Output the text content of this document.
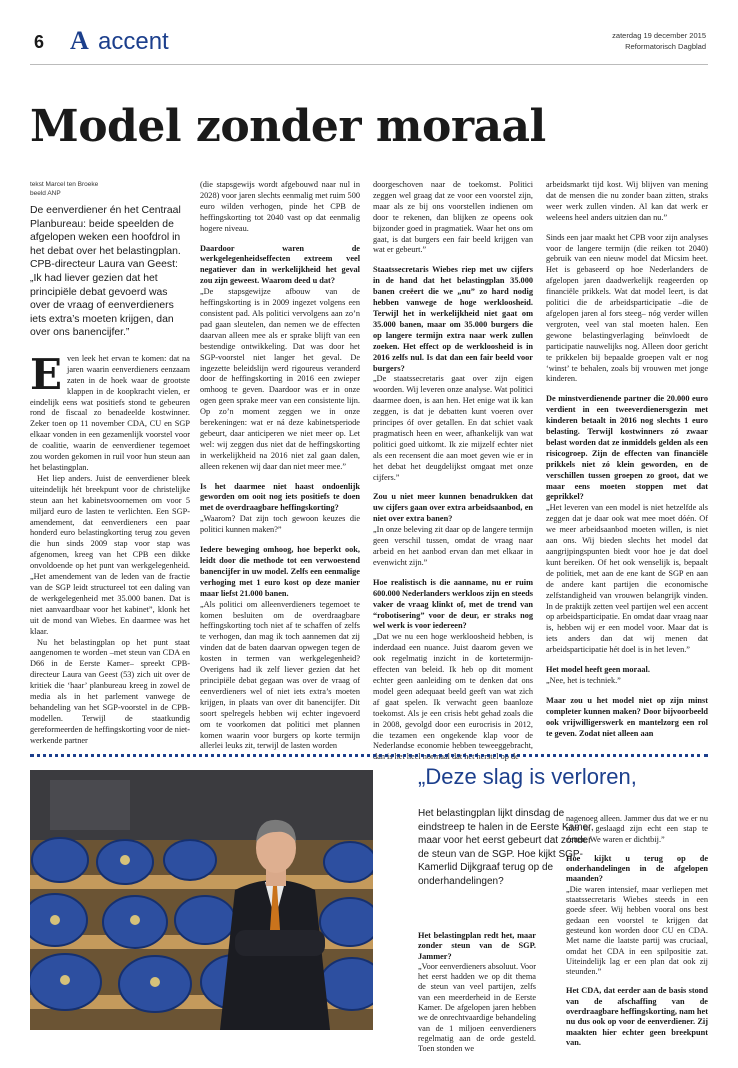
6 A accent	zaterdag 19 december 2015
Reformatorisch Dagblad
Model zonder moraal
tekst Marcel ten Broeke
beeld ANP
De eenverdiener én het Centraal Planbureau: beide speelden de afgelopen weken een hoofdrol in het debat over het belastingplan. CPB-directeur Laura van Geest: „Ik had liever gezien dat het principiële debat gevoerd was over de vraag of eenverdieners iets extra’s moeten krijgen, dan over ons banencijfer.”
E ven leek het ervan te komen: dat na jaren waarin eenverdieners eenzaam zaten in de hoek waar de grootste klappen in de koopkracht vielen, er eindelijk eens wat positiefs stond te gebeuren rond de fiscaal zo benadeelde kostwinner. Zeker toen op 11 november CDA, CU en SGP elkaar vonden in een gezamenlijk voorstel voor de coalitie, waarin de eenverdiener tegemoet zou worden gekomen in ruil voor hun steun aan het belastingplan.

Het liep anders. Juist de eenverdiener bleek uiteindelijk hét breekpunt voor de christelijke steun aan het kabinetsvoornemen om voor 5 miljard euro de lasten te verlichten. Een SGP-amendement, dat eenverdieners een paar honderd euro belastingkorting terug zou geven die hun sinds 2009 stap voor stap was afgenomen, kreeg van het CPB een dikke onvoldoende op het punt van werkgelegenheid. „Het amendement van de leden van de fractie van de SGP leidt structureel tot een daling van de werkgelegenheid met 35.000 banen. Dat is niet aanvaardbaar voor het kabinet”, klonk het uit de mond van Wiebes. En daarmee was het klaar.

Nu het belastingplan op het punt staat aangenomen te worden –met steun van CDA en D66 in de Eerste Kamer– spreekt CPB-directeur Laura van Geest (53) zich uit over de kritiek die ‘haar’ planbureau kreeg in zowel de media als in het parlement vanwege de behandeling van het SGP-voorstel in de CPB-modellen. Terwijl de staatkundig gereformeerden de heffingskorting voor de niet-werkende partner

(die stapsgewijs wordt afgebouwd naar nul in 2028) voor jaren slechts eenmalig met ruim 500 euro wilden verhogen, pinde het CPB de heffingskorting tot 2040 vast op dat eenmalig hogere niveau.

Daardoor waren de werkgelegenheidseffecten extreem veel negatiever dan in werkelijkheid het geval zou zijn geweest. Waarom deed u dat?

„De stapsgewijze afbouw van de heffingskorting is in 2009 ingezet volgens een consistent pad. Als politici vervolgens aan zo’n pad gaan sleutelen, dan nemen we de effecten daarvan alleen mee als er sprake blijft van een bestendige ontwikkeling. Dat was door het SGP-voorstel niet langer het geval. De ingezette beleidslijn werd rigoureus veranderd door de heffingskorting in 2016 een zwieper omhoog te geven. Daardoor was er in onze ogen geen sprake meer van een consistente lijn. Op zo’n moment zeggen we in onze berekeningen: wat er ná deze kabinetsperiode gebeurt, daar anticiperen we niet meer op. Let wel: wij zeggen dus niet dat de heffingskorting in werkelijkheid na 2016 niet zal gaan dalen, alleen rekenen wij daar dan niet meer mee.”

Is het daarmee niet haast ondoenlijk geworden om ooit nog iets positiefs te doen met de overdraagbare heffingskorting?

„Waarom? Dat zijn toch gewoon keuzes die politici kunnen maken?”

Iedere beweging omhoog, hoe beperkt ook, leidt door die methode tot een verwoestend banencijfer in uw model. Zelfs een eenmalige verhoging met 1 euro kost op deze manier maar liefst 21.000 banen.

„Als politici om alleenverdieners tegemoet te komen besluiten om de overdraagbare heffingskorting toch niet af te schaffen of zelfs te verhogen, dan mag ik toch aannemen dat zij vinden dat de baten daarvan opwegen tegen de kosten in termen van werkgelegenheid? Overigens had ik zelf liever gezien dat het principiële debat gegaan was over de vraag of eenverdieners wel of niet iets extra’s moeten krijgen, in plaats van over dit banencijfer. Dit soort spelregels hebben wij echter ingevoerd om te voorkomen dat politici met plannen komen waarin voor burgers op korte termijn allerlei leuks zit, terwijl de lasten worden

doorgeschoven naar de toekomst. Politici zeggen wel graag dat ze voor een voorstel zijn, maar als ze bij ons voorstellen indienen om door te rekenen, dan blijken ze opeens ook bijzonder goed in pragmatiek. Waar het ons om gaat, is dat burgers een fair beeld krijgen van wat er gebeurt.”

Staatssecretaris Wiebes riep met uw cijfers in de hand dat het belastingplan 35.000 banen creëert die we „nu” zo hard nodig hebben vanwege de hoge werkloosheid. Terwijl het in werkelijkheid niet gaat om 35.000 banen, maar om 35.000 burgers die op langere termijn extra naar werk zullen zoeken. Het effect op de werkloosheid is in 2016 zelfs nul. Is dat dan een fair beeld voor burgers?

„De staatssecretaris gaat over zijn eigen woorden. Wij leveren onze analyse. Wat politici daarmee doen, is aan hen. Het enige wat ik kan zeggen, is dat je debatten kunt voeren over principes óf over getallen. En dat schiet vaak pragmatisch heen en weer, afhankelijk van wat politici goed uitkomt. Ik zie mijzelf echter niet als een recensent die aan moet geven wie er in het debat het deugdelijkst omgaat met onze cijfers.”

Zou u niet meer kunnen benadrukken dat uw cijfers gaan over extra arbeidsaanbod, en niet over extra banen?

„In onze beleving zit daar op de langere termijn geen verschil tussen, omdat de vraag naar arbeid en het aanbod ervan dan met elkaar in evenwicht zijn.”

Hoe realistisch is die aanname, nu er ruim 600.000 Nederlanders werkloos zijn en steeds vaker de vraag klinkt of, met de trend van “robotisering” voor de deur, er straks nog wel werk is voor iedereen?

„Dat we nu een hoge werkloosheid hebben, is inderdaad een nuance. Juist daarom geven we ook regelmatig inzicht in de kortetermijn-effecten van beleid. Ik heb op dit moment echter geen aanleiding om te denken dat ons model geen adequaat beeld geeft van wat zich af gaat spelen. Ik verwacht geen baanloze toekomst. Als je een crisis hebt gehad zoals die in 2008, gevolgd door een eurocrisis in 2012, die tezamen een ongekende klap voor de Nederlandse economie hebben teweeggebracht, dan is het heel normaal dat het herstel op de

arbeidsmarkt tijd kost. Wij blijven van mening dat de mensen die nu zonder baan zitten, straks weer werk zullen vinden. Al kan dat werk er weleens heel anders uitzien dan nu.”

Sinds een jaar maakt het CPB voor zijn analyses voor de langere termijn (die reiken tot 2040) gebruik van een nieuw model dat Micsim heet. Het is gebaseerd op hoe Nederlanders de afgelopen jaren daadwerkelijk reageerden op financiële prikkels. Wat dat model leert, is dat politici die de arbeidsparticipatie –die de afgelopen jaren al fors steeg– nóg verder willen vergroten, veel van stal moeten halen. Een gewone belastingverlaging beïnvloedt de participatie nauwelijks nog. Alleen door gericht te prikkelen bij bepaalde groepen valt er nog ‘winst’ te behalen, zoals bij vrouwen met jonge kinderen.

De minstverdienende partner die 20.000 euro verdient in een tweeverdienersgezin met kinderen betaalt in 2016 nog slechts 1 euro belasting. Terwijl kostwinners zó zwaar belast worden dat ze inmiddels gelden als een risicogroep. Zijn de effecten van financiële prikkels niet zó klein geworden, en de verschillen tussen groepen zo groot, dat we maar eens moeten stoppen met dat geprikkel?

„Het leveren van een model is niet hetzelfde als zeggen dat je daar ook wat mee moet dóén. Of we meer arbeidsaanbod moeten willen, is niet aan ons. Wij bieden slechts het model dat aangrijpingspunten biedt voor hoe je dat doel kunt bereiken. Of het ook wenselijk is, bepaalt de politiek, met aan de ene kant de SGP en aan de andere kant partijen die economische zelfstandigheid van vrouwen belangrijk vinden. In de praktijk zetten veel partijen wel een accent op arbeidsparticipatie. En omdat daar vraag naar is, hebben wij er een model voor. Maar dat is iets anders dan dat wij menen dat arbeidsparticipatie hét doel is in het leven.”

Het model heeft geen moraal.

„Nee, het is techniek.”

Maar zou u het model niet op zijn minst completer kunnen maken? Door bijvoorbeeld ook vrijwilligerswerk en mantelzorg een rol te geven. Zodat niet alleen aan

„Deze slag is verloren,
Het belastingplan lijkt dinsdag de eindstreep te halen in de Eerste Kamer, maar voor het eerst gebeurt dat zónder de steun van de SGP. Hoe kijkt SGP-Kamerlid Dijkgraaf terug op de onderhandelingen?

Het belastingplan redt het, maar zonder steun van de SGP. Jammer?

„Voor eenverdieners absoluut. Voor het eerst hadden we op dit thema de steun van veel partijen, zelfs van een meerderheid in de Eerste Kamer. De afgelopen jaren hebben we de onrechtvaardige behandeling van de 1 miljoen eenverdieners regelmatig aan de orde gesteld. Toen stonden we

nagenoeg alleen. Jammer dus dat we er nu niet in geslaagd zijn echt een stap te zetten. We waren er dichtbij.”

Hoe kijkt u terug op de onderhandelingen in de afgelopen maanden?

„Die waren intensief, maar verliepen met staatssecretaris Wiebes steeds in een goede sfeer. Wij hebben vooral ons best gedaan een voorstel te krijgen dat gesteund kon worden door CU en CDA. Met name die laatste partij was cruciaal, omdat het CDA in een spilpositie zat. Uiteindelijk lag er een plan dat ook zij steunden.”

Het CDA, dat eerder aan de basis stond van de afschaffing van de overdraagbare heffingskorting, nam het nu dus ook op voor de eenverdiener. Zij maakten hier echter geen breekpunt van.
